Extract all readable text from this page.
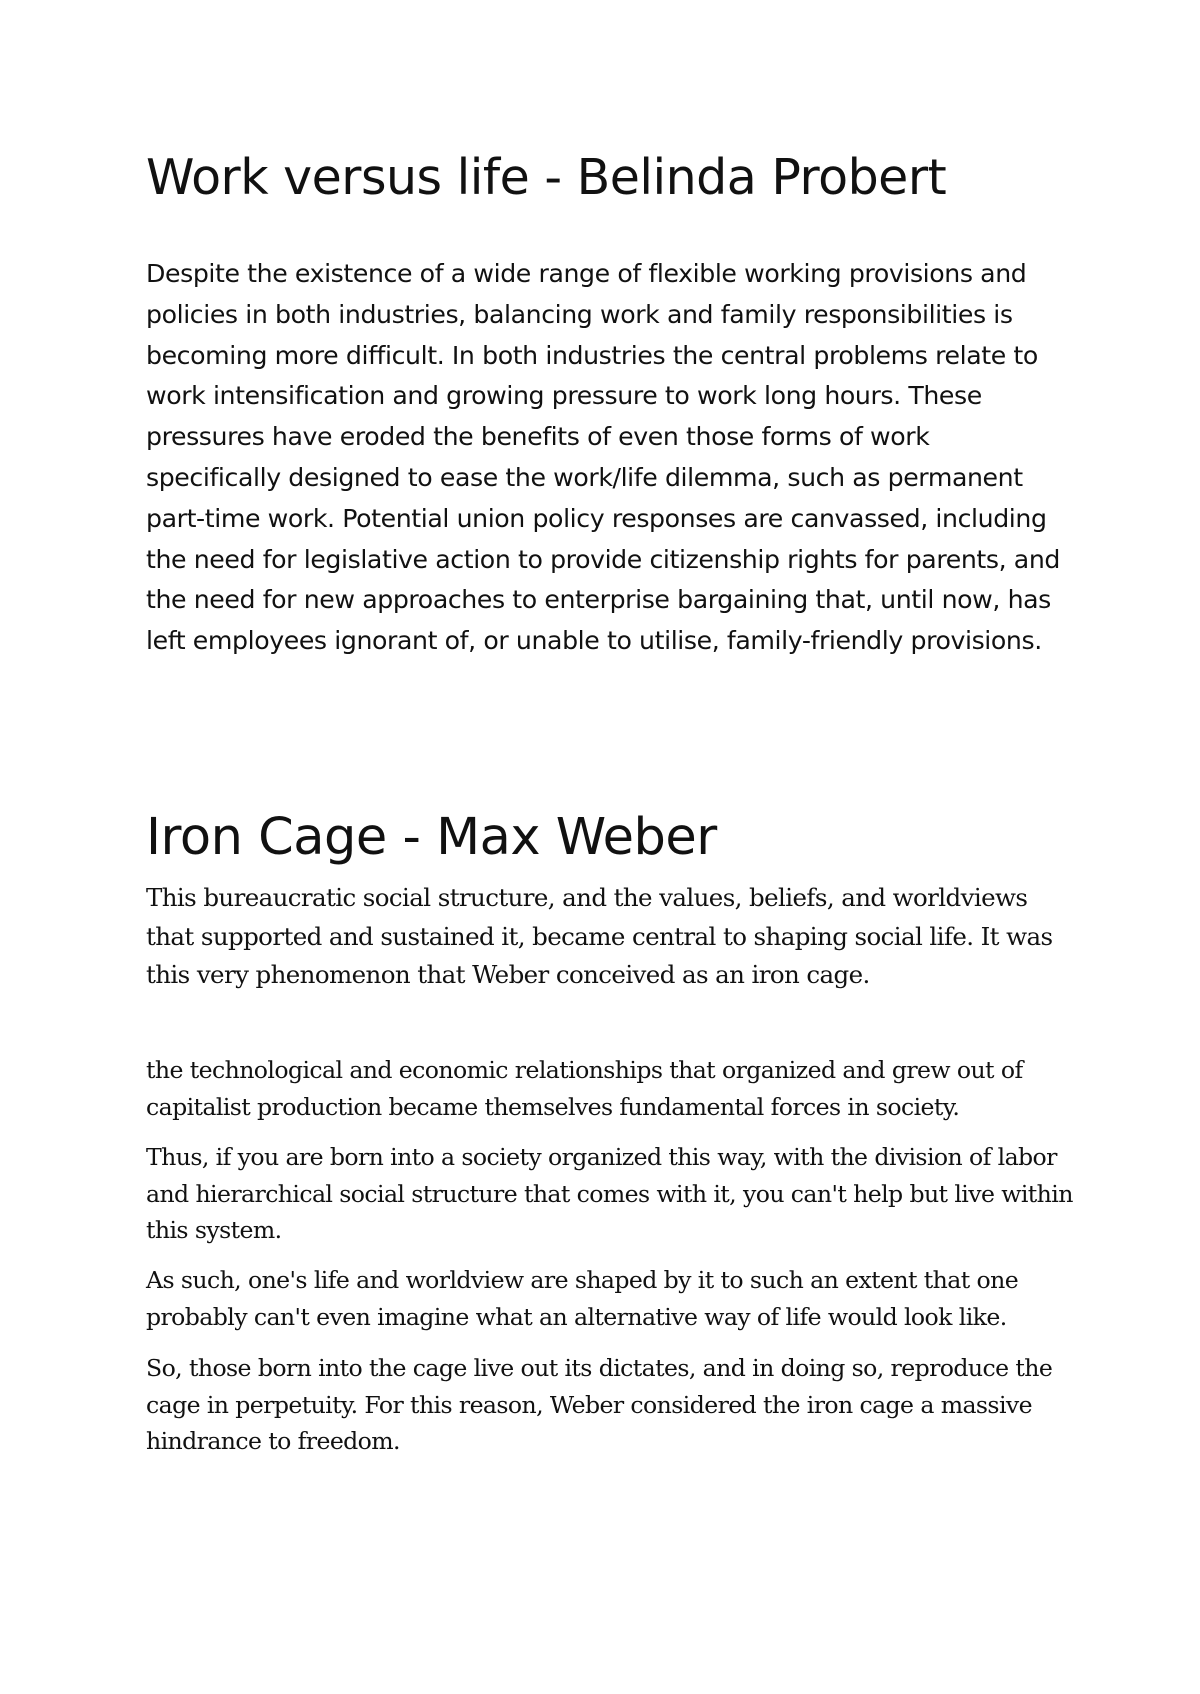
Work versus life - Belinda Probert

Despite the existence of a wide range of flexible working provisions and policies in both industries, balancing work and family responsibilities is becoming more difficult. In both industries the central problems relate to work intensification and growing pressure to work long hours. These pressures have eroded the benefits of even those forms of work specifically designed to ease the work/life dilemma, such as permanent part-time work. Potential union policy responses are canvassed, including the need for legislative action to provide citizenship rights for parents, and the need for new approaches to enterprise bargaining that, until now, has left employees ignorant of, or unable to utilise, family-friendly provisions.

Iron Cage - Max Weber

This bureaucratic social structure, and the values, beliefs, and worldviews that supported and sustained it, became central to shaping social life. It was this very phenomenon that Weber conceived as an iron cage.

the technological and economic relationships that organized and grew out of capitalist production became themselves fundamental forces in society.

Thus, if you are born into a society organized this way, with the division of labor and hierarchical social structure that comes with it, you can't help but live within this system.

As such, one's life and worldview are shaped by it to such an extent that one probably can't even imagine what an alternative way of life would look like.

So, those born into the cage live out its dictates, and in doing so, reproduce the cage in perpetuity. For this reason, Weber considered the iron cage a massive hindrance to freedom.
